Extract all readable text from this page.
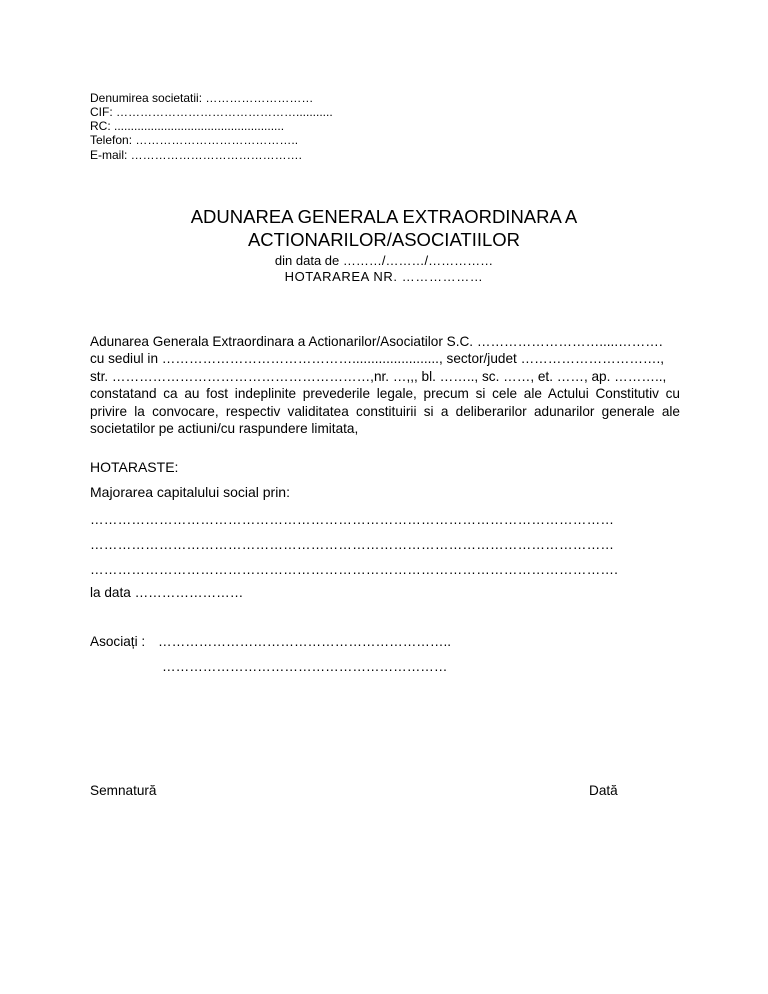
Denumirea societatii: ………………………
CIF: ………………………………………...........
RC: ...................................................
Telefon: …………………………………..
E-mail: …………………………………….
ADUNAREA GENERALA EXTRAORDINARA A
ACTIONARILOR/ASOCIATIILOR
din data de ………/………/……………
HOTARAREA NR. ………………
Adunarea Generala Extraordinara a Actionarilor/Asociatilor S.C. ……………………….....……….
cu sediul in ……………………………………......................., sector/judet ………………………….,
str. …………………………………………………,nr. …,,, bl. …….., sc. ……, et. ……, ap. ………..,
constatand ca au fost indeplinite prevederile legale, precum si cele ale Actului Constitutiv cu privire la convocare, respectiv validitatea constituirii si a deliberarilor adunarilor generale ale societatilor pe actiuni/cu raspundere limitata,
HOTARASTE:
Majorarea capitalului social prin:
……………………………………………………………………………………………………
……………………………………………………………………………………………………
…………………………………………………………………………………………………….
la data ……………………
Asociați : ………………………………………………………..
………………………………………………………
Semnatură	Dată
